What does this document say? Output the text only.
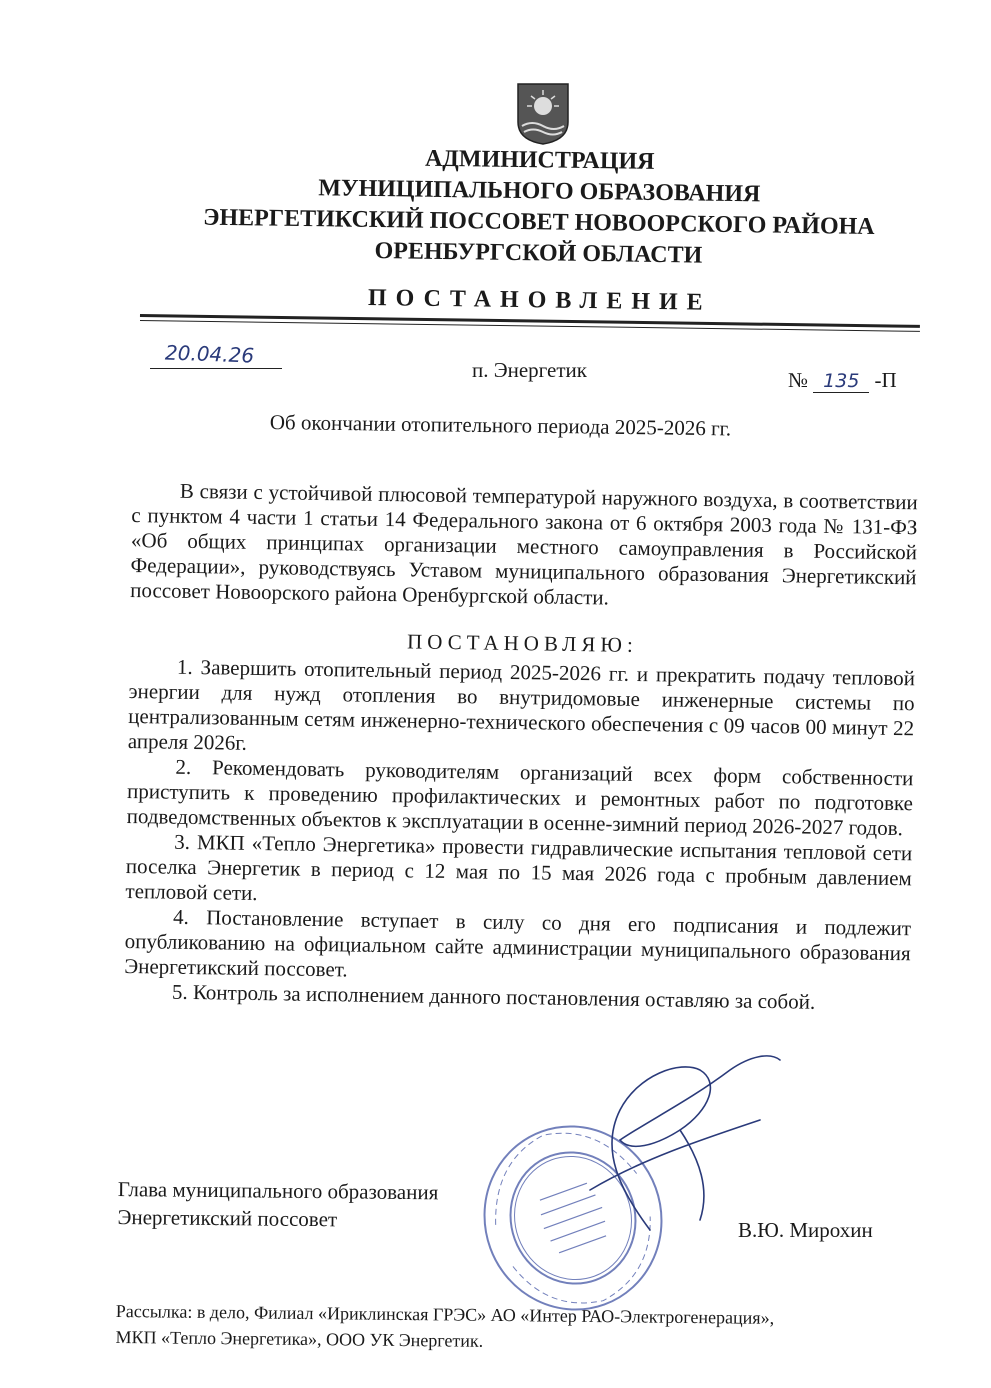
АДМИНИСТРАЦИЯ
МУНИЦИПАЛЬНОГО ОБРАЗОВАНИЯ
ЭНЕРГЕТИКСКИЙ ПОССОВЕТ НОВООРСКОГО РАЙОНА
ОРЕНБУРГСКОЙ ОБЛАСТИ
ПОСТАНОВЛЕНИЕ
20.04.26
п. Энергетик	№ 135 -П
Об окончании отопительного периода 2025-2026 гг.

В связи с устойчивой плюсовой температурой наружного воздуха, в соответствии с пунктом 4 части 1 статьи 14 Федерального закона от 6 октября 2003 года № 131-ФЗ «Об общих принципах организации местного самоуправления в Российской Федерации», руководствуясь Уставом муниципального образования Энергетикский поссовет Новоорского района Оренбургской области.

ПОСТАНОВЛЯЮ:

1. Завершить отопительный период 2025-2026 гг. и прекратить подачу тепловой энергии для нужд отопления во внутридомовые инженерные системы по централизованным сетям инженерно-технического обеспечения с 09 часов 00 минут 22 апреля 2026г.

2. Рекомендовать руководителям организаций всех форм собственности приступить к проведению профилактических и ремонтных работ по подготовке подведомственных объектов к эксплуатации в осенне-зимний период 2026-2027 годов.

3. МКП «Тепло Энергетика» провести гидравлические испытания тепловой сети поселка Энергетик в период с 12 мая по 15 мая 2026 года с пробным давлением тепловой сети.

4. Постановление вступает в силу со дня его подписания и подлежит опубликованию на официальном сайте администрации муниципального образования Энергетикский поссовет.

5. Контроль за исполнением данного постановления оставляю за собой.

Глава муниципального образования
Энергетикский поссовет	В.Ю. Мирохин
Рассылка: в дело, Филиал «Ириклинская ГРЭС» АО «Интер РАО-Электрогенерация»,
МКП «Тепло Энергетика», ООО УК Энергетик.
